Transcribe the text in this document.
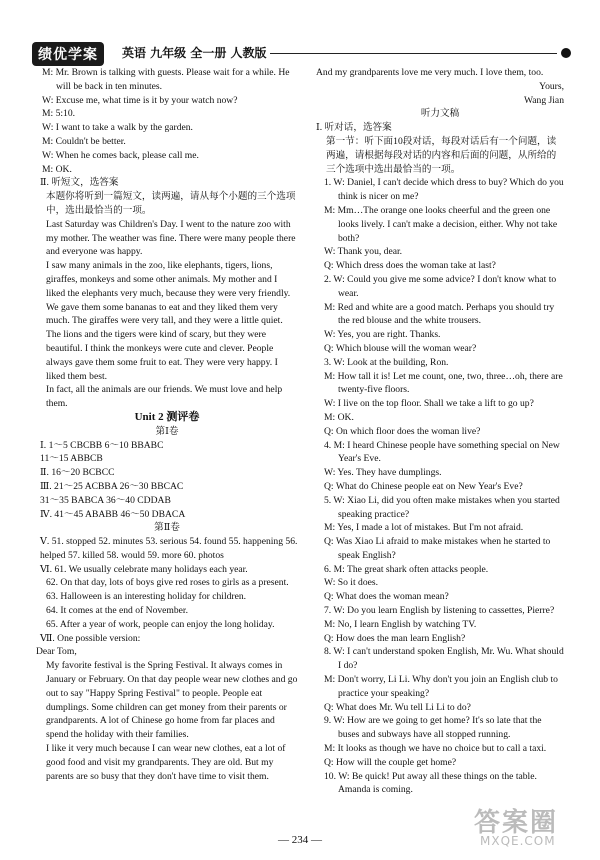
绩优学案	英语 九年级 全一册 人教版

M: Mr. Brown is talking with guests. Please wait for a while. He will be back in ten minutes.

W: Excuse me, what time is it by your watch now?

M: 5:10.

W: I want to take a walk by the garden.

M: Couldn't be better.

W: When he comes back, please call me.

M: OK.

Ⅱ. 听短文，选答案

本题你将听到一篇短文，读两遍，请从每个小题的三个选项中，选出最恰当的一项。

Last Saturday was Children's Day. I went to the nature zoo with my mother. The weather was fine. There were many people there and everyone was happy.

I saw many animals in the zoo, like elephants, tigers, lions, giraffes, monkeys and some other animals. My mother and I liked the elephants very much, because they were very friendly. We gave them some bananas to eat and they liked them very much. The giraffes were very tall, and they were a little quiet. The lions and the tigers were kind of scary, but they were beautiful. I think the monkeys were cute and clever. People always gave them some fruit to eat. They were very happy. I liked them best.

In fact, all the animals are our friends. We must love and help them.

Unit 2 测评卷

第Ⅰ卷

Ⅰ. 1～5 CBCBB 6～10 BBABC

11～15 ABBCB

Ⅱ. 16～20 BCBCC

Ⅲ. 21～25 ACBBA 26～30 BBCAC

31～35 BABCA 36～40 CDDAB

Ⅳ. 41～45 ABABB 46～50 DBACA

第Ⅱ卷

Ⅴ. 51. stopped 52. minutes 53. serious 54. found 55. happening 56. helped 57. killed 58. would 59. more 60. photos

Ⅵ. 61. We usually celebrate many holidays each year.

62. On that day, lots of boys give red roses to girls as a present.

63. Halloween is an interesting holiday for children.

64. It comes at the end of November.

65. After a year of work, people can enjoy the long holiday.

Ⅶ. One possible version:

Dear Tom,

My favorite festival is the Spring Festival. It always comes in January or February. On that day people wear new clothes and go out to say "Happy Spring Festival" to people. People eat dumplings. Some children can get money from their parents or grandparents. A lot of Chinese go home from far places and spend the holiday with their families.

I like it very much because I can wear new clothes, eat a lot of good food and visit my grandparents. They are old. But my parents are so busy that they don't have time to visit them.

And my grandparents love me very much. I love them, too.

Yours,

Wang Jian

听力文稿

Ⅰ. 听对话，选答案

第一节：听下面10段对话，每段对话后有一个问题，读两遍，请根据每段对话的内容和后面的问题，从所给的三个选项中选出最恰当的一项。

1. W: Daniel, I can't decide which dress to buy? Which do you think is nicer on me?

M: Mm…The orange one looks cheerful and the green one looks lively. I can't make a decision, either. Why not take both?

W: Thank you, dear.

Q: Which dress does the woman take at last?

2. W: Could you give me some advice? I don't know what to wear.

M: Red and white are a good match. Perhaps you should try the red blouse and the white trousers.

W: Yes, you are right. Thanks.

Q: Which blouse will the woman wear?

3. W: Look at the building, Ron.

M: How tall it is! Let me count, one, two, three…oh, there are twenty-five floors.

W: I live on the top floor. Shall we take a lift to go up?

M: OK.

Q: On which floor does the woman live?

4. M: I heard Chinese people have something special on New Year's Eve.

W: Yes. They have dumplings.

Q: What do Chinese people eat on New Year's Eve?

5. W: Xiao Li, did you often make mistakes when you started speaking practice?

M: Yes, I made a lot of mistakes. But I'm not afraid.

Q: Was Xiao Li afraid to make mistakes when he started to speak English?

6. M: The great shark often attacks people.

W: So it does.

Q: What does the woman mean?

7. W: Do you learn English by listening to cassettes, Pierre?

M: No, I learn English by watching TV.

Q: How does the man learn English?

8. W: I can't understand spoken English, Mr. Wu. What should I do?

M: Don't worry, Li Li. Why don't you join an English club to practice your speaking?

Q: What does Mr. Wu tell Li Li to do?

9. W: How are we going to get home? It's so late that the buses and subways have all stopped running.

M: It looks as though we have no choice but to call a taxi.

Q: How will the couple get home?

10. W: Be quick! Put away all these things on the table. Amanda is coming.

— 234 —
答案圈
MXQE.COM
